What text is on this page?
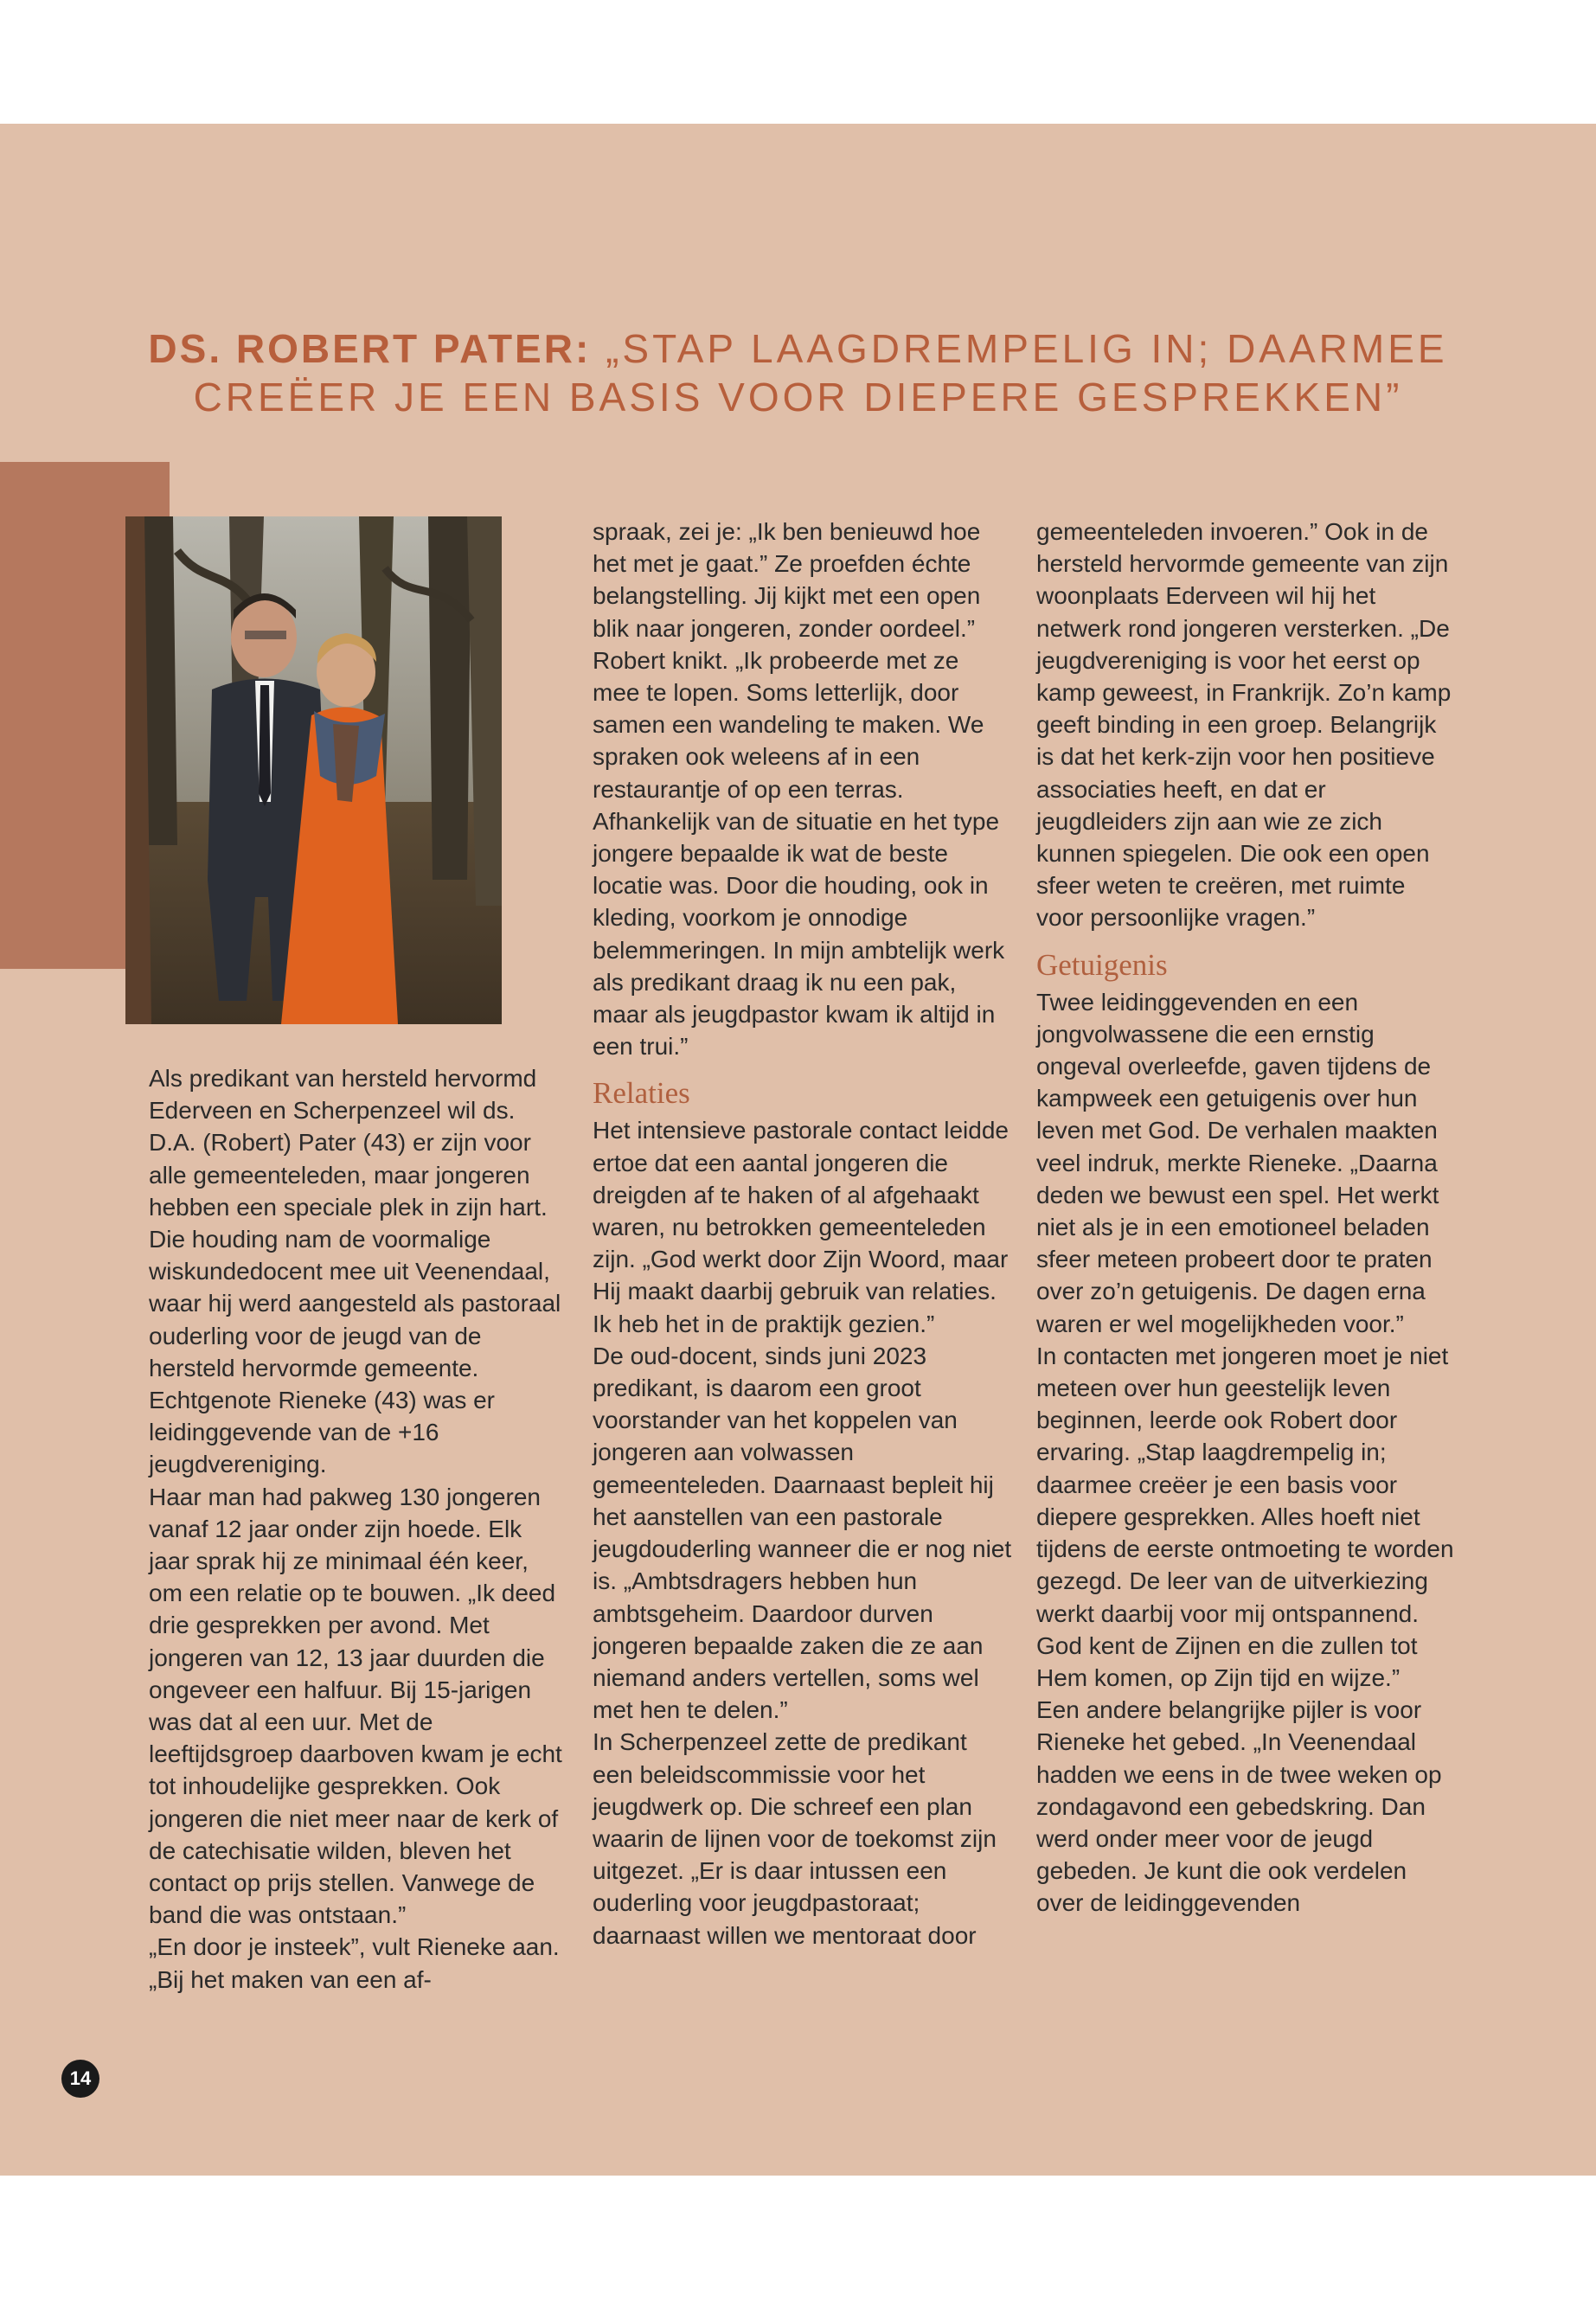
DS. ROBERT PATER: „STAP LAAGDREMPELIG IN; DAARMEE
CREËER JE EEN BASIS VOOR DIEPERE GESPREKKEN”

Als predikant van hersteld hervormd Ederveen en Scherpenzeel wil ds. D.A. (Robert) Pater (43) er zijn voor alle gemeenteleden, maar jongeren hebben een speciale plek in zijn hart. Die houding nam de voormalige wiskundedocent mee uit Veenendaal, waar hij werd aangesteld als pastoraal ouderling voor de jeugd van de hersteld hervormde gemeente. Echtgenote Rieneke (43) was er leidinggevende van de +16 jeugdvereniging.

Haar man had pakweg 130 jongeren vanaf 12 jaar onder zijn hoede. Elk jaar sprak hij ze minimaal één keer, om een relatie op te bouwen. „Ik deed drie gesprekken per avond. Met jongeren van 12, 13 jaar duurden die ongeveer een halfuur. Bij 15-jarigen was dat al een uur. Met de leeftijdsgroep daarboven kwam je echt tot inhoudelijke gesprekken. Ook jongeren die niet meer naar de kerk of de catechisatie wilden, bleven het contact op prijs stellen. Vanwege de band die was ontstaan.”

„En door je insteek”, vult Rieneke aan. „Bij het maken van een af-

spraak, zei je: „Ik ben benieuwd hoe het met je gaat.” Ze proefden échte belangstelling. Jij kijkt met een open blik naar jongeren, zonder oordeel.”

Robert knikt. „Ik probeerde met ze mee te lopen. Soms letterlijk, door samen een wandeling te maken. We spraken ook weleens af in een restaurantje of op een terras. Afhankelijk van de situatie en het type jongere bepaalde ik wat de beste locatie was. Door die houding, ook in kleding, voorkom je onnodige belemmeringen. In mijn ambtelijk werk als predikant draag ik nu een pak, maar als jeugdpastor kwam ik altijd in een trui.”

Relaties

Het intensieve pastorale contact leidde ertoe dat een aantal jongeren die dreigden af te haken of al afgehaakt waren, nu betrokken gemeenteleden zijn. „God werkt door Zijn Woord, maar Hij maakt daarbij gebruik van relaties. Ik heb het in de praktijk gezien.”

De oud-docent, sinds juni 2023 predikant, is daarom een groot voorstander van het koppelen van jongeren aan volwassen gemeenteleden. Daarnaast bepleit hij het aanstellen van een pastorale jeugdouderling wanneer die er nog niet is. „Ambtsdragers hebben hun ambtsgeheim. Daardoor durven jongeren bepaalde zaken die ze aan niemand anders vertellen, soms wel met hen te delen.”

In Scherpenzeel zette de predikant een beleidscommissie voor het jeugdwerk op. Die schreef een plan waarin de lijnen voor de toekomst zijn uitgezet. „Er is daar intussen een ouderling voor jeugdpastoraat; daarnaast willen we mentoraat door

gemeenteleden invoeren.” Ook in de hersteld hervormde gemeente van zijn woonplaats Ederveen wil hij het netwerk rond jongeren versterken. „De jeugdvereniging is voor het eerst op kamp geweest, in Frankrijk. Zo’n kamp geeft binding in een groep. Belangrijk is dat het kerk-zijn voor hen positieve associaties heeft, en dat er jeugdleiders zijn aan wie ze zich kunnen spiegelen. Die ook een open sfeer weten te creëren, met ruimte voor persoonlijke vragen.”

Getuigenis

Twee leidinggevenden en een jongvolwassene die een ernstig ongeval overleefde, gaven tijdens de kampweek een getuigenis over hun leven met God. De verhalen maakten veel indruk, merkte Rieneke. „Daarna deden we bewust een spel. Het werkt niet als je in een emotioneel beladen sfeer meteen probeert door te praten over zo’n getuigenis. De dagen erna waren er wel mogelijkheden voor.”

In contacten met jongeren moet je niet meteen over hun geestelijk leven beginnen, leerde ook Robert door ervaring. „Stap laagdrempelig in; daarmee creëer je een basis voor diepere gesprekken. Alles hoeft niet tijdens de eerste ontmoeting te worden gezegd. De leer van de uitverkiezing werkt daarbij voor mij ontspannend. God kent de Zijnen en die zullen tot Hem komen, op Zijn tijd en wijze.”

Een andere belangrijke pijler is voor Rieneke het gebed. „In Veenendaal hadden we eens in de twee weken op zondagavond een gebedskring. Dan werd onder meer voor de jeugd gebeden. Je kunt die ook verdelen over de leidinggevenden

14
